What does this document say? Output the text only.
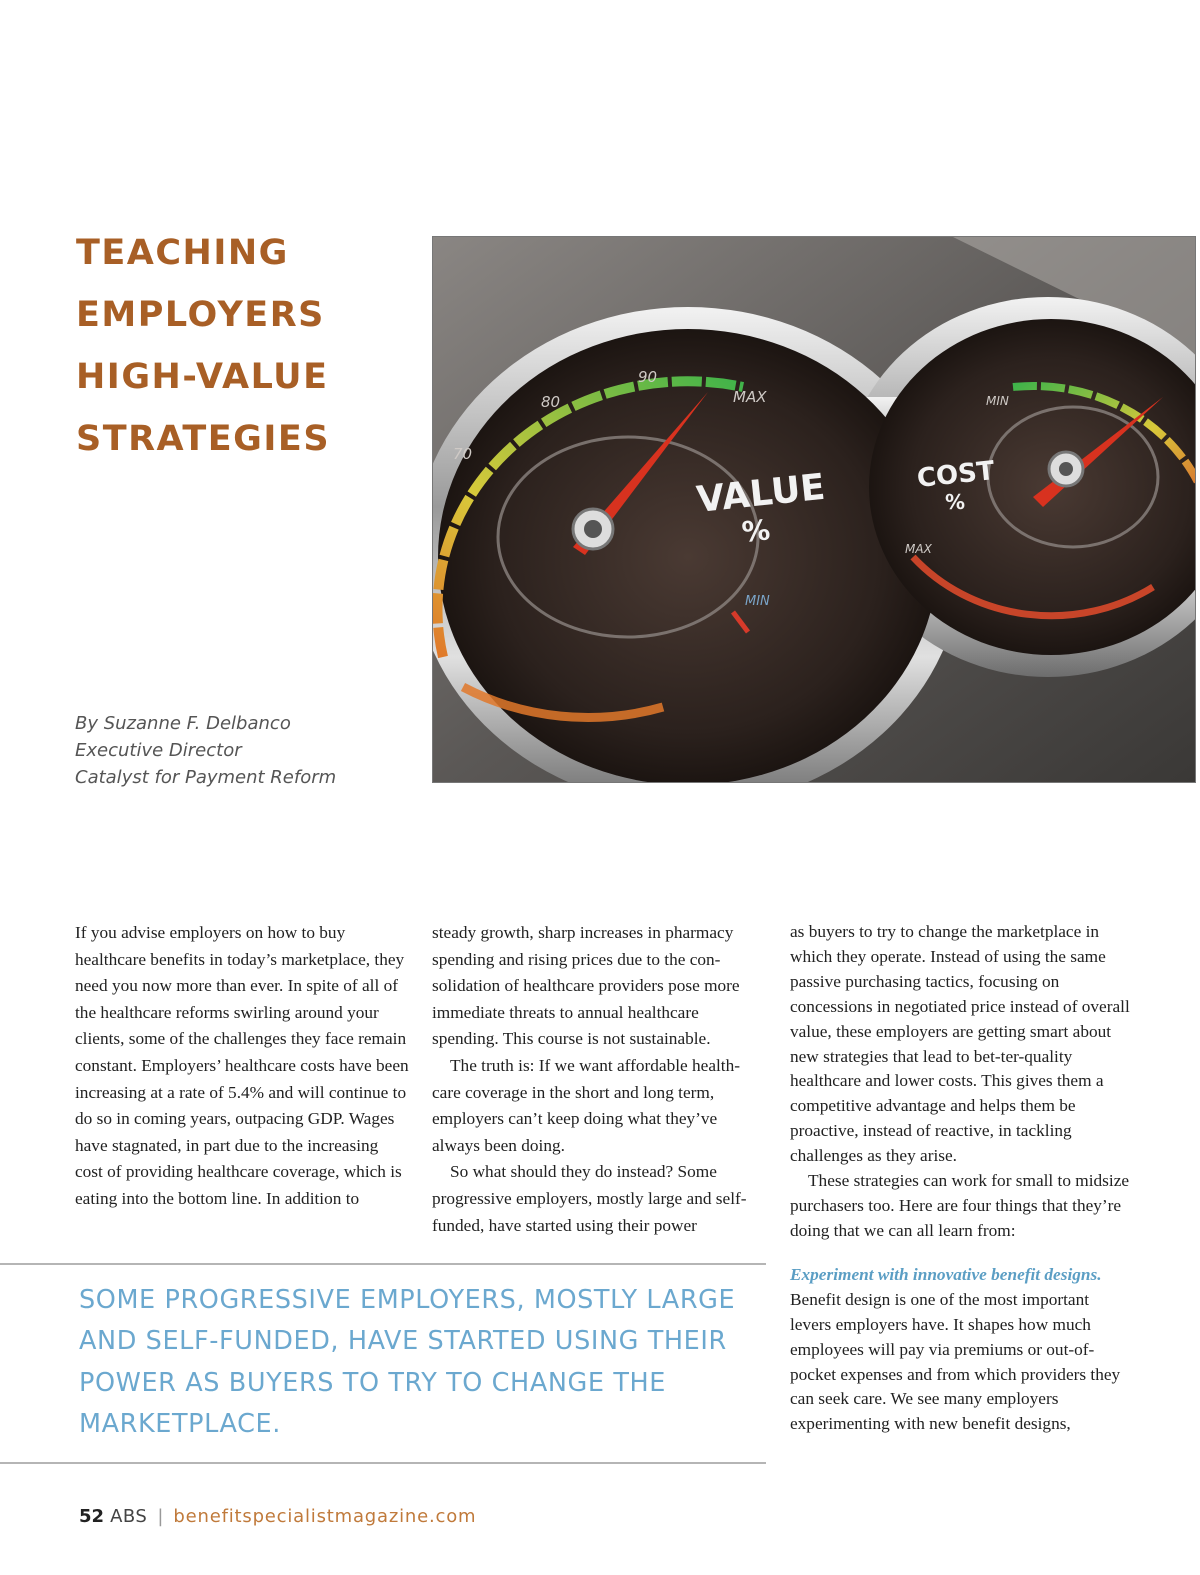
TEACHING
EMPLOYERS
HIGH-VALUE
STRATEGIES
By Suzanne F. Delbanco
Executive Director
Catalyst for Payment Reform
70
80
90
MAX
MIN
VALUE
%
COST
%
MIN
MAX

If you advise employers on how to buy healthcare benefits in today’s marketplace, they need you now more than ever. In spite of all of the healthcare reforms swirling around your clients, some of the challenges they face remain constant. Employers’ healthcare costs have been increasing at a rate of 5.4% and will continue to do so in coming years, outpacing GDP. Wages have stagnated, in part due to the increasing cost of providing healthcare coverage, which is eating into the bottom line. In addition to

steady growth, sharp increases in pharmacy spending and rising prices due to the con-solidation of healthcare providers pose more immediate threats to annual healthcare spending. This course is not sustainable.

The truth is: If we want affordable health-care coverage in the short and long term, employers can’t keep doing what they’ve always been doing.

So what should they do instead? Some progressive employers, mostly large and self-funded, have started using their power

as buyers to try to change the marketplace in which they operate. Instead of using the same passive purchasing tactics, focusing on concessions in negotiated price instead of overall value, these employers are getting smart about new strategies that lead to bet-ter-quality healthcare and lower costs. This gives them a competitive advantage and helps them be proactive, instead of reactive, in tackling challenges as they arise.

These strategies can work for small to midsize purchasers too. Here are four things that they’re doing that we can all learn from:

Experiment with innovative benefit designs.

Benefit design is one of the most important levers employers have. It shapes how much employees will pay via premiums or out-of-pocket expenses and from which providers they can seek care. We see many employers experimenting with new benefit designs,

SOME PROGRESSIVE EMPLOYERS, MOSTLY LARGE AND SELF-FUNDED, HAVE STARTED USING THEIR POWER AS BUYERS TO TRY TO CHANGE THE MARKETPLACE.

52 ABS | benefitspecialistmagazine.com
